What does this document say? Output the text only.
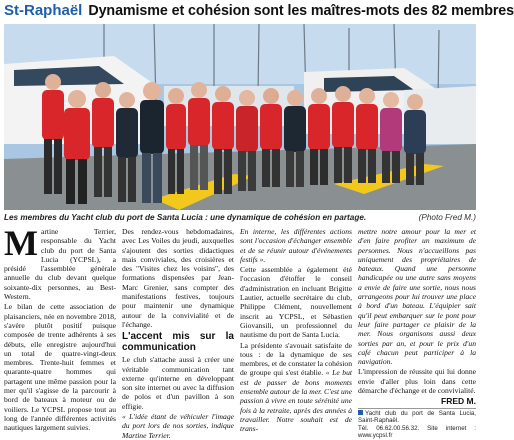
St-Raphaël Dynamisme et cohésion sont les maîtres-mots des 82 membres
Les membres du Yacht club du port de Santa Lucia : une dynamique de cohésion en partage.	(Photo Fred M.)

Martine Terrier, responsable du Yacht club du port de Santa Lucia (YCPSL), a présidé l'assemblée générale annuelle du club devant quelque soixante-dix personnes, au Best-Western.

Le bilan de cette association de plaisanciers, née en novembre 2018, s'avère plutôt positif puisque composée de trente adhérents à ses débuts, elle enregistre aujourd'hui un total de quatre-vingt-deux membres. Trente-huit femmes et quarante-quatre hommes qui partagent une même passion pour la mer qu'il s'agisse de la parcourir à bord de bateaux à moteur ou de voiliers. Le YCPSL propose tout au long de l'année différentes activités nautiques largement suivies.

Des rendez-vous hebdomadaires, avec Les Voiles du jeudi, auxquelles s'ajoutent des sorties didactiques mais conviviales, des croisières et des "Visites chez les voisins", des formations dispensées par Jean-Marc Grenier, sans compter des manifestations festives, toujours pour maintenir une dynamique autour de la convivialité et de l'échange.

L'accent mis sur la communication

Le club s'attache aussi à créer une véritable communication tant externe qu'interne en développant son site internet ou avec la diffusion de polos et d'un pavillon à son effigie.

« L'idée étant de véhiculer l'image du port lors de nos sorties, indique Martine Terrier.

En interne, les différentes actions sont l'occasion d'échanger ensemble et de se réunir autour d'événements festifs ».

Cette assemblée a également été l'occasion d'étoffer le conseil d'administration en incluant Brigitte Lautier, actuelle secrétaire du club, Philippe Clément, nouvellement inscrit au YCPSL, et Sébastien Giovansili, un professionnel du nautisme du port de Santa Lucia.

La présidente s'avouait satisfaite de tous : de la dynamique de ses membres, et de constater la cohésion de groupe qui s'est établie. « Le but est de passer de bons moments ensemble autour de la mer. C'est une passion à vivre en toute sérénité une fois à la retraite, après des années à travailler. Notre souhait est de trans-

mettre notre amour pour la mer et d'en faire profiter un maximum de personnes. Nous n'accueillons pas uniquement des propriétaires de bateaux. Quand une personne handicapée ou une autre sans moyens a envie de faire une sortie, nous nous arrangeons pour lui trouver une place à bord d'un bateau. L'équipier sait qu'il peut embarquer sur le pont pour leur faire partager ce plaisir de la mer. Nous organisons aussi deux sorties par an, et pour le prix d'un café chacun peut participer à la navigation.

L'impression de réussite qui lui donne envie d'aller plus loin dans cette démarche d'échange et de convivialité.

FRED M.
Yacht club du port de Santa Lucia, Saint-Raphaël.
Tél. 06.62.00.56.32. Site internet : www.ycpsl.fr
